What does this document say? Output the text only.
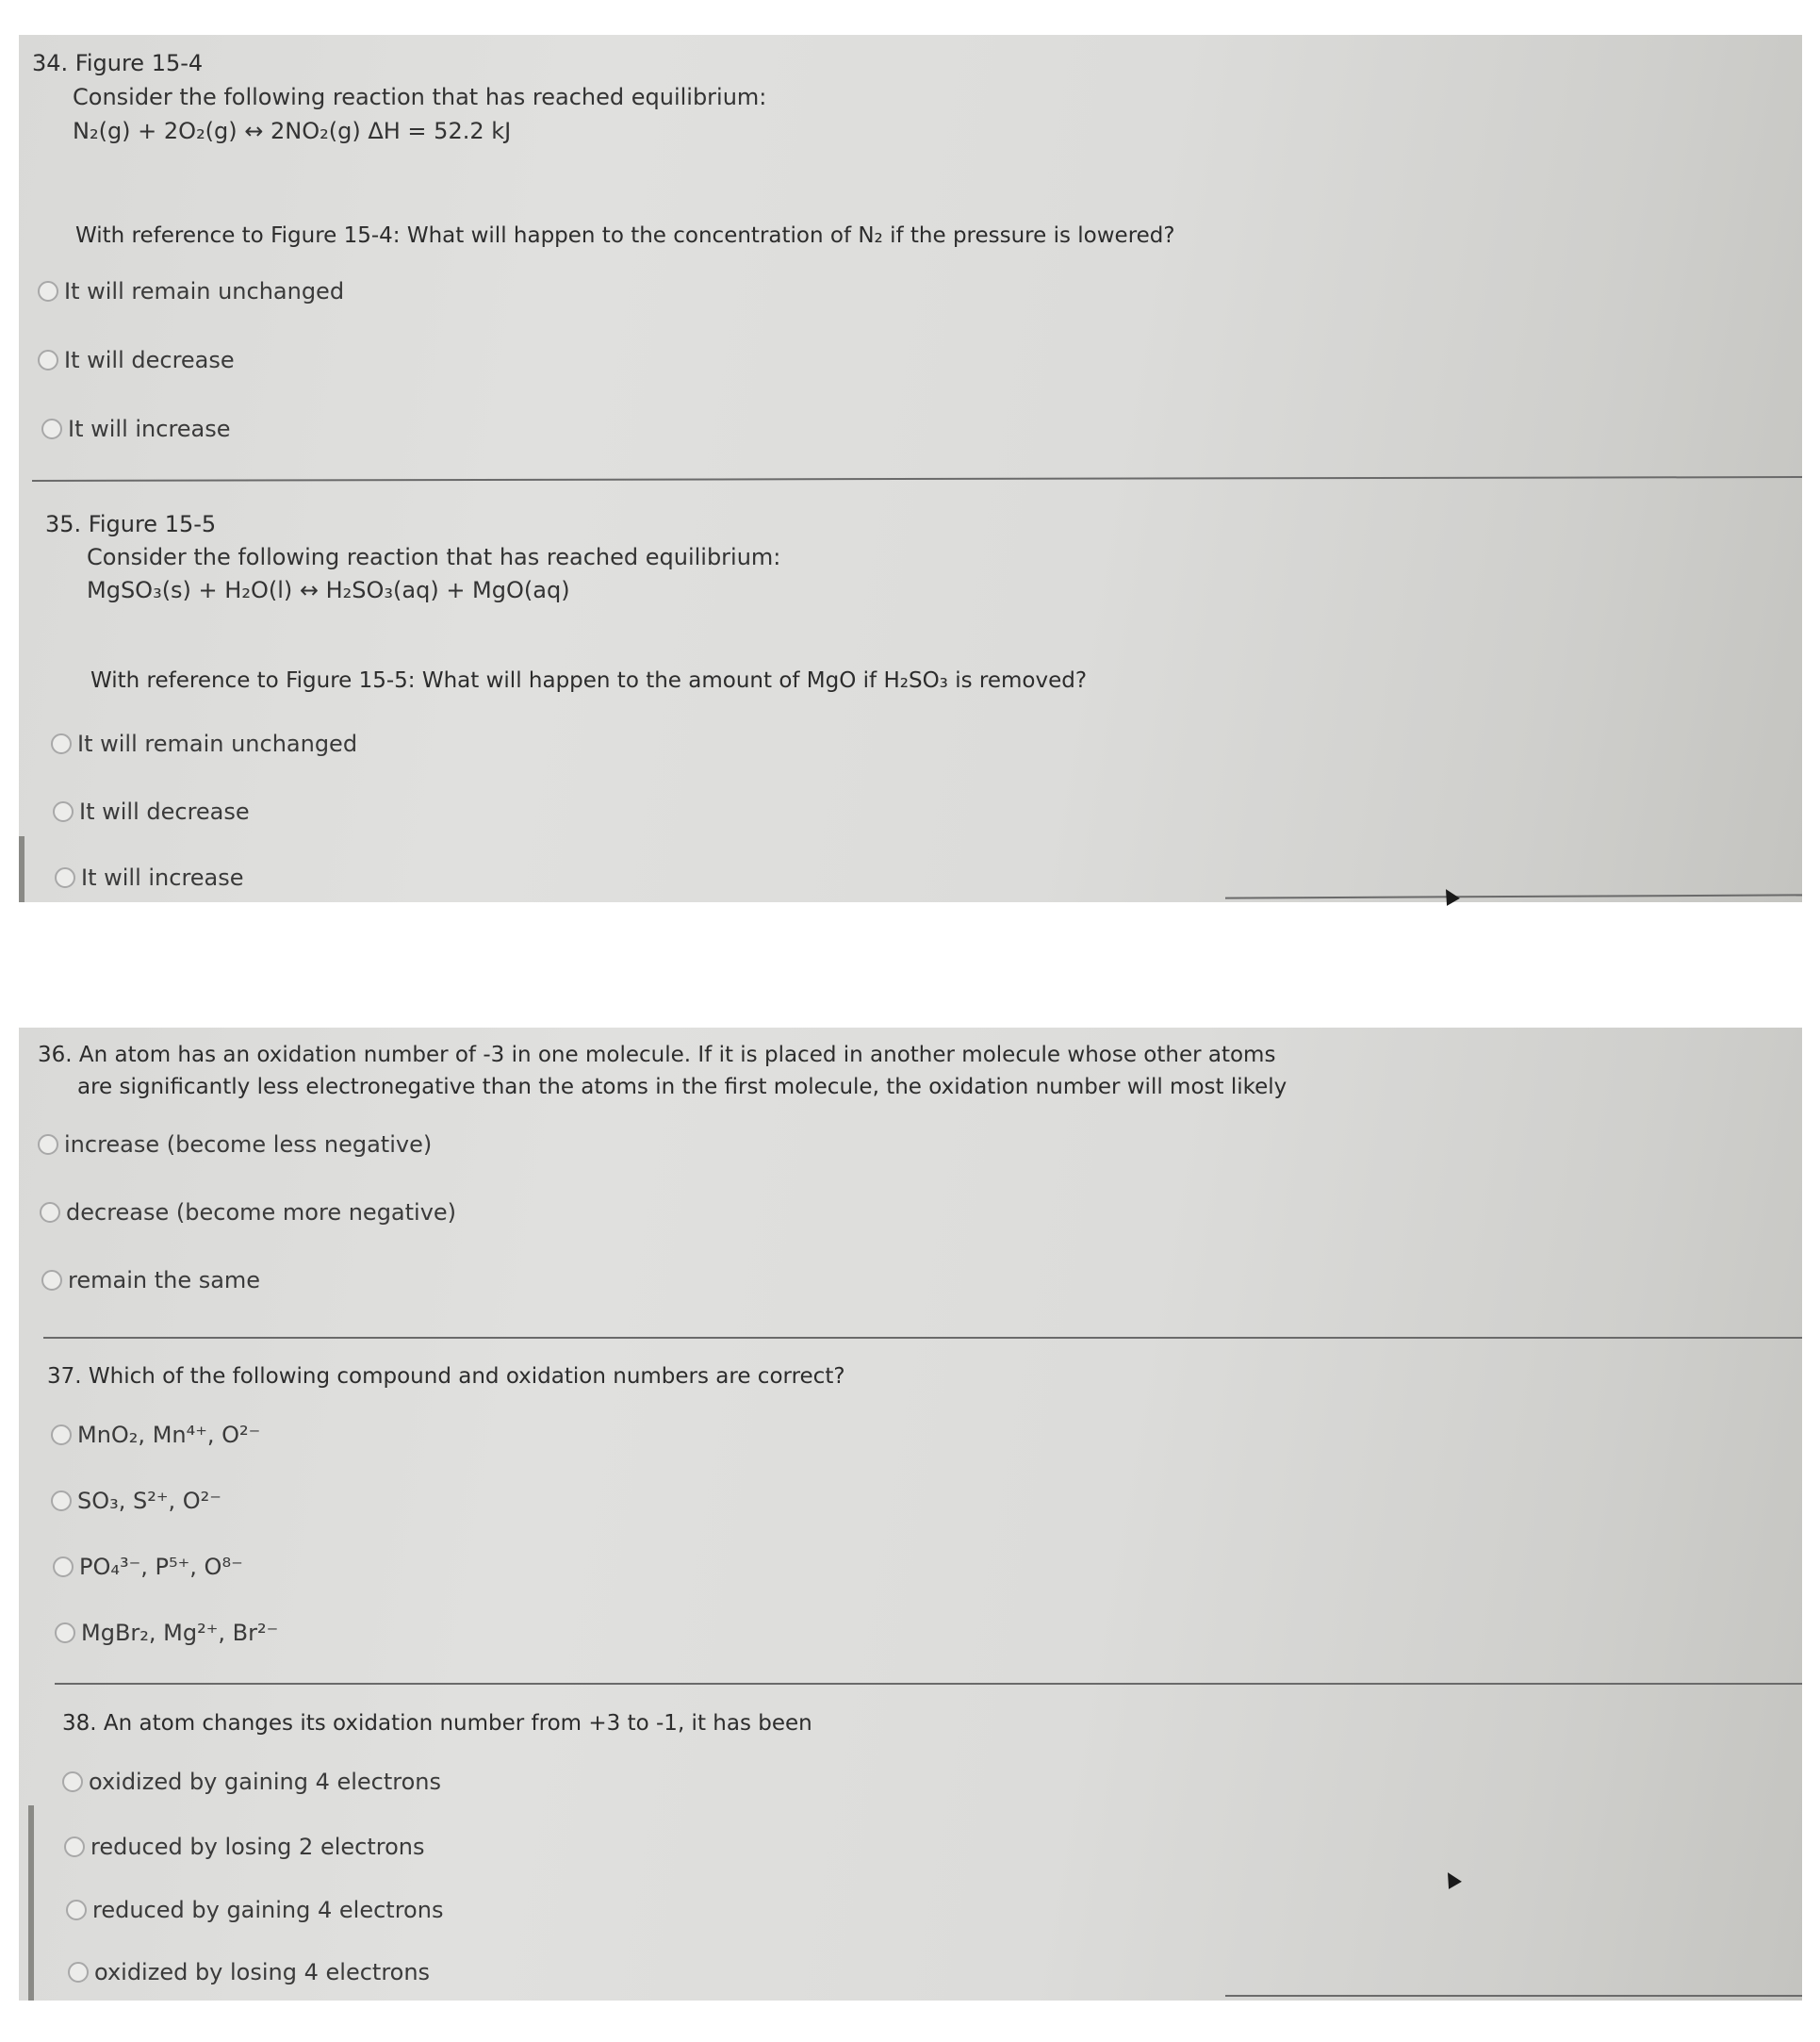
34. Figure 15-4
Consider the following reaction that has reached equilibrium:
N₂(g) + 2O₂(g) ↔ 2NO₂(g) ΔH = 52.2 kJ
With reference to Figure 15-4: What will happen to the concentration of N₂ if the pressure is lowered?
It will remain unchanged
It will decrease
It will increase
35. Figure 15-5
Consider the following reaction that has reached equilibrium:
MgSO₃(s) + H₂O(l) ↔ H₂SO₃(aq) + MgO(aq)
With reference to Figure 15-5: What will happen to the amount of MgO if H₂SO₃ is removed?
It will remain unchanged
It will decrease
It will increase
36. An atom has an oxidation number of -3 in one molecule. If it is placed in another molecule whose other atoms
are significantly less electronegative than the atoms in the first molecule, the oxidation number will most likely
increase (become less negative)
decrease (become more negative)
remain the same
37. Which of the following compound and oxidation numbers are correct?
MnO₂, Mn⁴⁺, O²⁻
SO₃, S²⁺, O²⁻
PO₄³⁻, P⁵⁺, O⁸⁻
MgBr₂, Mg²⁺, Br²⁻
38. An atom changes its oxidation number from +3 to -1, it has been
oxidized by gaining 4 electrons
reduced by losing 2 electrons
reduced by gaining 4 electrons
oxidized by losing 4 electrons
